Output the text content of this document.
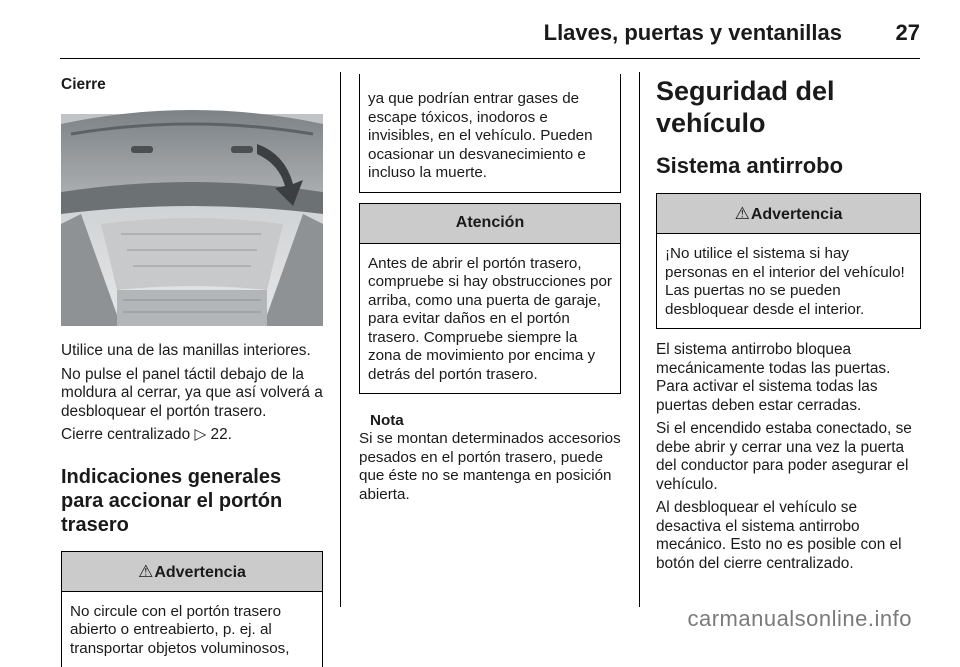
Llaves, puertas y ventanillas 27
Cierre
Utilice una de las manillas interiores.
No pulse el panel táctil debajo de la moldura al cerrar, ya que así volverá a desbloquear el portón trasero.
Cierre centralizado ▷ 22.
Indicaciones generales para accionar el portón trasero
⚠Advertencia
No circule con el portón trasero abierto o entreabierto, p. ej. al transportar objetos voluminosos,
ya que podrían entrar gases de escape tóxicos, inodoros e invisibles, en el vehículo. Pueden ocasionar un desvanecimiento e incluso la muerte.
Atención
Antes de abrir el portón trasero, compruebe si hay obstrucciones por arriba, como una puerta de garaje, para evitar daños en el portón trasero. Compruebe siempre la zona de movimiento por encima y detrás del portón trasero.
Nota
Si se montan determinados accesorios pesados en el portón trasero, puede que éste no se mantenga en posición abierta.
Seguridad del vehículo
Sistema antirrobo
⚠Advertencia
¡No utilice el sistema si hay personas en el interior del vehículo! Las puertas no se pueden desbloquear desde el interior.
El sistema antirrobo bloquea mecánicamente todas las puertas. Para activar el sistema todas las puertas deben estar cerradas.
Si el encendido estaba conectado, se debe abrir y cerrar una vez la puerta del conductor para poder asegurar el vehículo.
Al desbloquear el vehículo se desactiva el sistema antirrobo mecánico. Esto no es posible con el botón del cierre centralizado.
carmanualsonline.info
